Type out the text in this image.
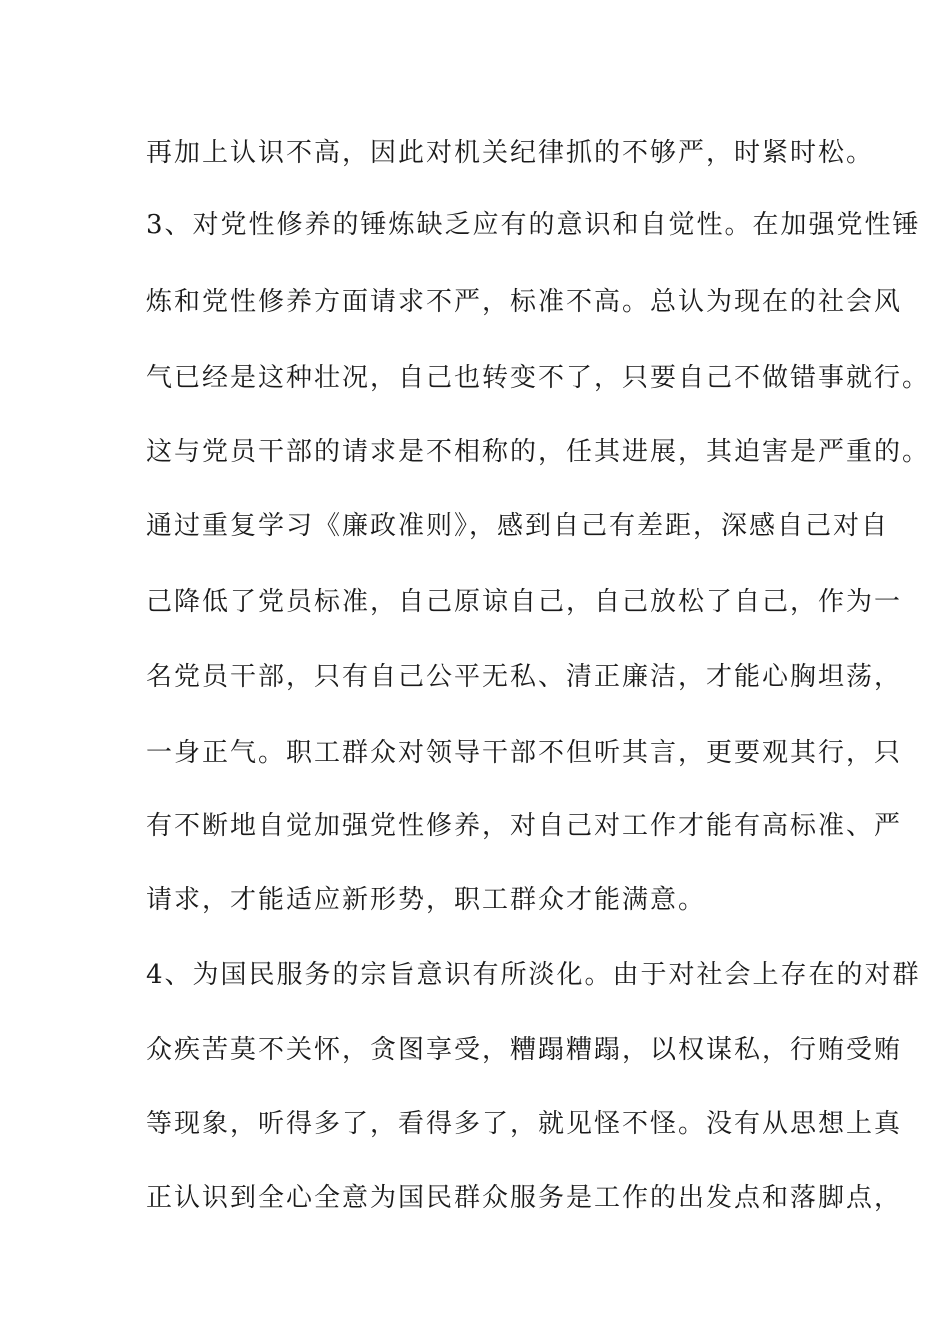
再加上认识不高，因此对机关纪律抓的不够严，时紧时松。
3、对党性修养的锤炼缺乏应有的意识和自觉性。在加强党性锤
炼和党性修养方面请求不严，标准不高。总认为现在的社会风
气已经是这种壮况，自己也转变不了，只要自己不做错事就行。
这与党员干部的请求是不相称的，任其进展，其迫害是严重的。
通过重复学习《廉政准则》，感到自己有差距，深感自己对自
己降低了党员标准，自己原谅自己，自己放松了自己，作为一
名党员干部，只有自己公平无私、清正廉洁，才能心胸坦荡，
一身正气。职工群众对领导干部不但听其言，更要观其行，只
有不断地自觉加强党性修养，对自己对工作才能有高标准、严
请求，才能适应新形势，职工群众才能满意。
4、为国民服务的宗旨意识有所淡化。由于对社会上存在的对群
众疾苦莫不关怀，贪图享受，糟蹋糟蹋，以权谋私，行贿受贿
等现象，听得多了，看得多了，就见怪不怪。没有从思想上真
正认识到全心全意为国民群众服务是工作的出发点和落脚点，
